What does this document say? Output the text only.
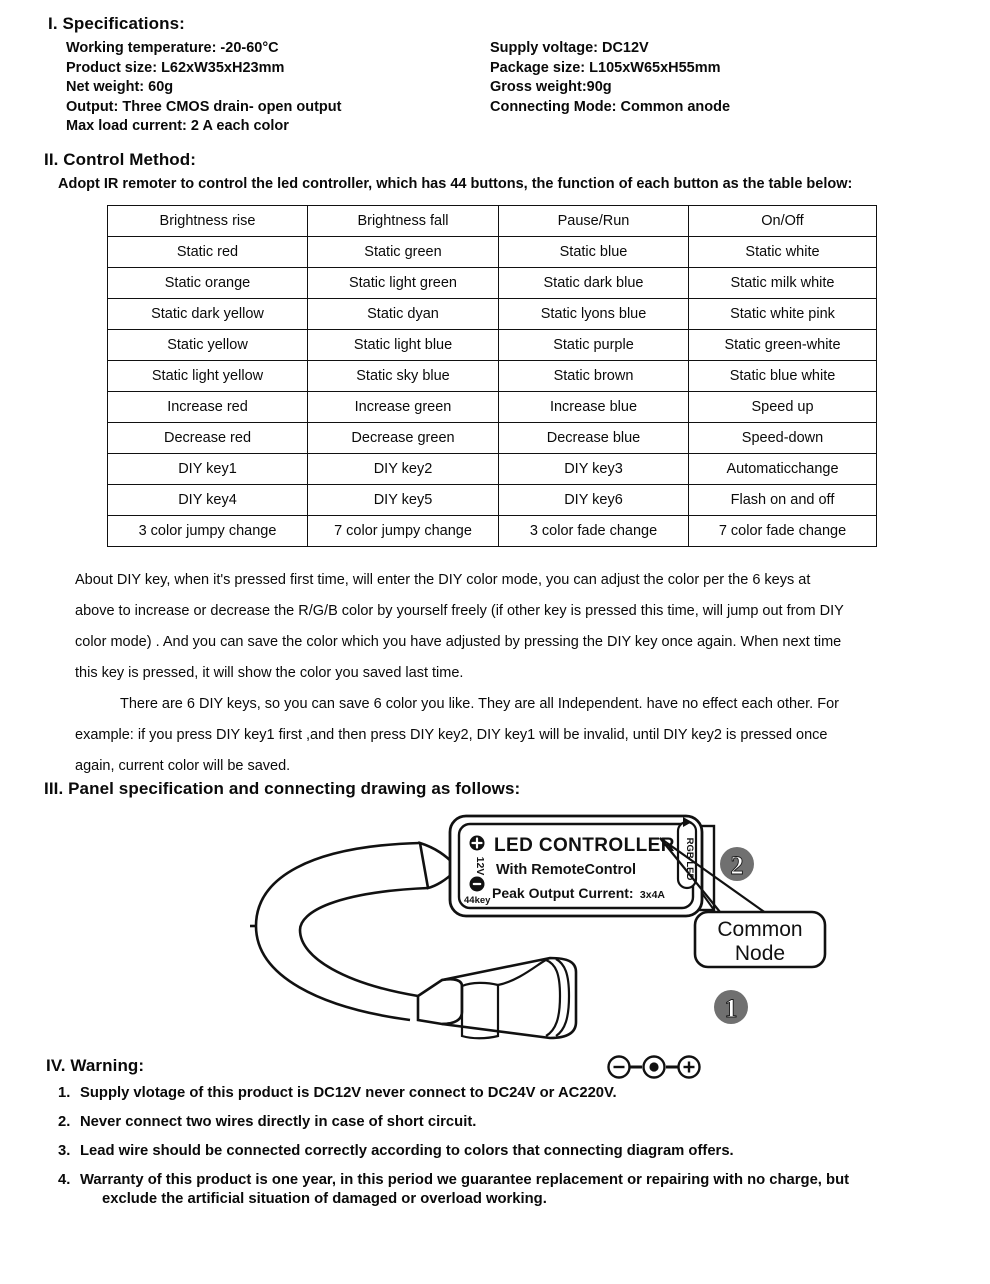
I. Specifications:
Working temperature: -20-60°C
Product size: L62xW35xH23mm
Net weight: 60g
Output: Three CMOS drain- open output
Max load current: 2 A each color
Supply voltage: DC12V
Package size: L105xW65xH55mm
Gross weight:90g
Connecting Mode: Common anode
II. Control Method:
Adopt IR remoter to control the led controller, which has 44 buttons, the function of each button as the table below:
Brightness rise	Brightness fall	Pause/Run	On/Off
Static red	Static green	Static blue	Static white
Static orange	Static light green	Static dark blue	Static milk white
Static dark yellow	Static dyan	Static lyons blue	Static white pink
Static yellow	Static light blue	Static purple	Static green-white
Static light yellow	Static sky blue	Static brown	Static blue white
Increase red	Increase green	Increase blue	Speed up
Decrease red	Decrease green	Decrease blue	Speed-down
DIY key1	DIY key2	DIY key3	Automaticchange
DIY key4	DIY key5	DIY key6	Flash on and off
3 color jumpy change	7 color jumpy change	3 color fade change	7 color fade change
About DIY key, when it's pressed first time, will enter the DIY color mode, you can adjust the color per the 6 keys at
above to increase or decrease the R/G/B color by yourself freely (if other key is pressed this time, will jump out from DIY
color mode) . And you can save the color which you have adjusted by pressing the DIY key once again. When next time
this key is pressed, it will show the color you saved last time.
There are 6 DIY keys, so you can save 6 color you like. They are all Independent. have no effect each other. For
example: if you press DIY key1 first ,and then press DIY key2, DIY key1 will be invalid, until DIY key2 is pressed once
again, current color will be saved.
III. Panel specification and connecting drawing as follows:
12V
44key
LED CONTROLLER
With RemoteControl
Peak Output Current: 3x4A
RGB LED
Common
Node
2
1
IV. Warning:
1. Supply vlotage of this product is DC12V never connect to DC24V or AC220V.
2. Never connect two wires directly in case of short circuit.
3. Lead wire should be connected correctly according to colors that connecting diagram offers.
4. Warranty of this product is one year, in this period we guarantee replacement or repairing with no charge, but
exclude the artificial situation of damaged or overload working.
